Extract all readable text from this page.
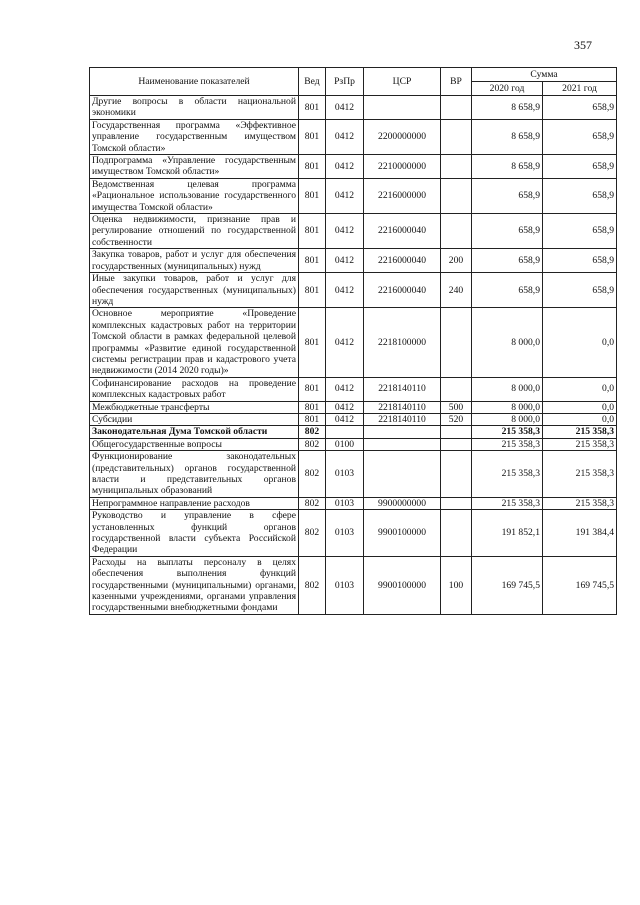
357
Наименование показателей	Вед	РзПр	ЦСР	ВР	Сумма	
					2020 год	2021 год
Другие вопросы в области национальной экономики	801	0412			8 658,9	658,9
Государственная программа «Эффективное управление государственным имуществом Томской области»	801	0412	2200000000		8 658,9	658,9
Подпрограмма «Управление государственным имуществом Томской области»	801	0412	2210000000		8 658,9	658,9
Ведомственная целевая программа «Рациональное использование государственного имущества Томской области»	801	0412	2216000000		658,9	658,9
Оценка недвижимости, признание прав и регулирование отношений по государственной собственности	801	0412	2216000040		658,9	658,9
Закупка товаров, работ и услуг для обеспечения государственных (муниципальных) нужд	801	0412	2216000040	200	658,9	658,9
Иные закупки товаров, работ и услуг для обеспечения государственных (муниципальных) нужд	801	0412	2216000040	240	658,9	658,9
Основное мероприятие «Проведение комплексных кадастровых работ на территории Томской области в рамках федеральной целевой программы «Развитие единой государственной системы регистрации прав и кадастрового учета недвижимости (2014 2020 годы)»	801	0412	2218100000		8 000,0	0,0
Софинансирование расходов на проведение комплексных кадастровых работ	801	0412	2218140110		8 000,0	0,0
Межбюджетные трансферты	801	0412	2218140110	500	8 000,0	0,0
Субсидии	801	0412	2218140110	520	8 000,0	0,0
Законодательная Дума Томской области	802				215 358,3	215 358,3
Общегосударственные вопросы	802	0100			215 358,3	215 358,3
Функционирование законодательных (представительных) органов государственной власти и представительных органов муниципальных образований	802	0103			215 358,3	215 358,3
Непрограммное направление расходов	802	0103	9900000000		215 358,3	215 358,3
Руководство и управление в сфере установленных функций органов государственной власти субъекта Российской Федерации	802	0103	9900100000		191 852,1	191 384,4
Расходы на выплаты персоналу в целях обеспечения выполнения функций государственными (муниципальными) органами, казенными учреждениями, органами управления государственными внебюджетными фондами	802	0103	9900100000	100	169 745,5	169 745,5
